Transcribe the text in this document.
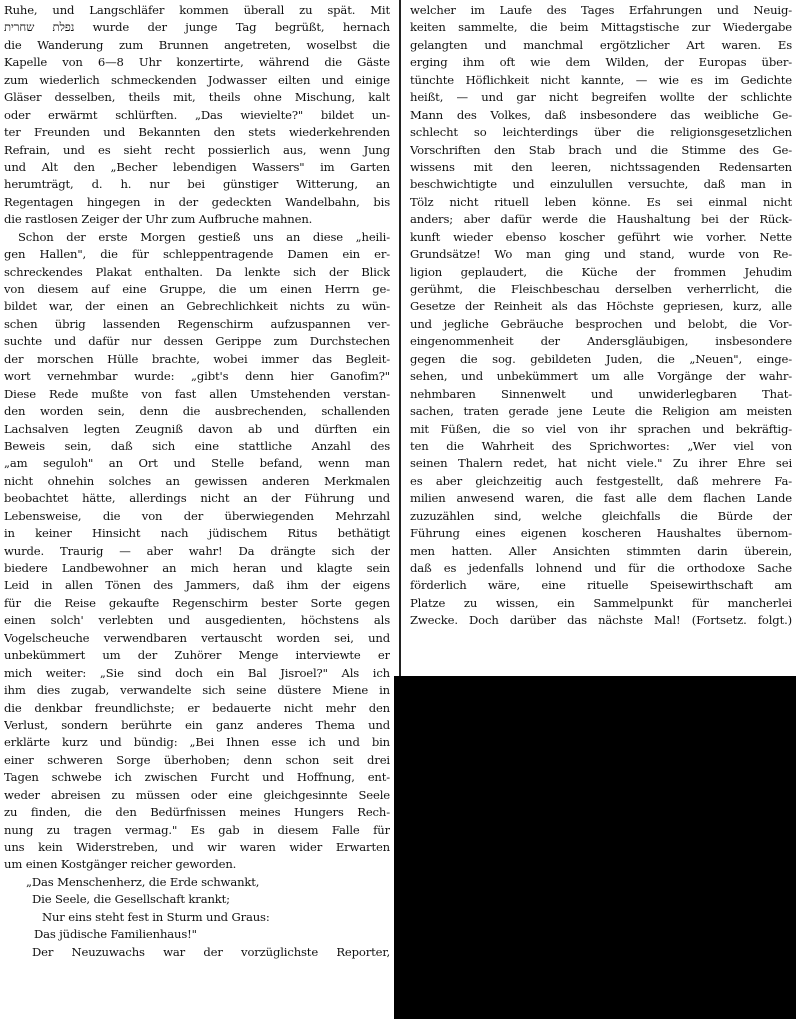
Ruhe, und Langschläfer kommen überall zu spät. Mit
נפלת שחרית wurde der junge Tag begrüßt, hernach
die Wanderung zum Brunnen angetreten, woselbst die
Kapelle von 6—8 Uhr konzertirte, während die Gäste
zum wiederlich schmeckenden Jodwasser eilten und einige
Gläser desselben, theils mit, theils ohne Mischung, kalt
oder erwärmt schlürften. „Das wievielte?" bildet un-
ter Freunden und Bekannten den stets wiederkehrenden
Refrain, und es sieht recht possierlich aus, wenn Jung
und Alt den „Becher lebendigen Wassers" im Garten
herumträgt, d. h. nur bei günstiger Witterung, an
Regentagen hingegen in der gedeckten Wandelbahn, bis
die rastlosen Zeiger der Uhr zum Aufbruche mahnen.
Schon der erste Morgen gestieß uns an diese „heili-
gen Hallen", die für schleppentragende Damen ein er-
schreckendes Plakat enthalten. Da lenkte sich der Blick
von diesem auf eine Gruppe, die um einen Herrn ge-
bildet war, der einen an Gebrechlichkeit nichts zu wün-
schen übrig lassenden Regenschirm aufzuspannen ver-
suchte und dafür nur dessen Gerippe zum Durchstechen
der morschen Hülle brachte, wobei immer das Begleit-
wort vernehmbar wurde: „gibt's denn hier Ganofim?"
Diese Rede mußte von fast allen Umstehenden verstan-
den worden sein, denn die ausbrechenden, schallenden
Lachsalven legten Zeugniß davon ab und dürften ein
Beweis sein, daß sich eine stattliche Anzahl des
„am seguloh" an Ort und Stelle befand, wenn man
nicht ohnehin solches an gewissen anderen Merkmalen
beobachtet hätte, allerdings nicht an der Führung und
Lebensweise, die von der überwiegenden Mehrzahl
in keiner Hinsicht nach jüdischem Ritus bethätigt
wurde. Traurig — aber wahr! Da drängte sich der
biedere Landbewohner an mich heran und klagte sein
Leid in allen Tönen des Jammers, daß ihm der eigens
für die Reise gekaufte Regenschirm bester Sorte gegen
einen solch' verlebten und ausgedienten, höchstens als
Vogelscheuche verwendbaren vertauscht worden sei, und
unbekümmert um der Zuhörer Menge interviewte er
mich weiter: „Sie sind doch ein Bal Jisroel?" Als ich
ihm dies zugab, verwandelte sich seine düstere Miene in
die denkbar freundlichste; er bedauerte nicht mehr den
Verlust, sondern berührte ein ganz anderes Thema und
erklärte kurz und bündig: „Bei Ihnen esse ich und bin
einer schweren Sorge überhoben; denn schon seit drei
Tagen schwebe ich zwischen Furcht und Hoffnung, ent-
weder abreisen zu müssen oder eine gleichgesinnte Seele
zu finden, die den Bedürfnissen meines Hungers Rech-
nung zu tragen vermag." Es gab in diesem Falle für
uns kein Widerstreben, und wir waren wider Erwarten
um einen Kostgänger reicher geworden.
„Das Menschenherz, die Erde schwankt,
Die Seele, die Gesellschaft krankt;
Nur eins steht fest in Sturm und Graus:
Das jüdische Familienhaus!"
Der Neuzuwachs war der vorzüglichste Reporter,
welcher im Laufe des Tages Erfahrungen und Neuig-
keiten sammelte, die beim Mittagstische zur Wiedergabe
gelangten und manchmal ergötzlicher Art waren. Es
erging ihm oft wie dem Wilden, der Europas über-
tünchte Höflichkeit nicht kannte, — wie es im Gedichte
heißt, — und gar nicht begreifen wollte der schlichte
Mann des Volkes, daß insbesondere das weibliche Ge-
schlecht so leichterdings über die religionsgesetzlichen
Vorschriften den Stab brach und die Stimme des Ge-
wissens mit den leeren, nichtssagenden Redensarten
beschwichtigte und einzulullen versuchte, daß man in
Tölz nicht rituell leben könne. Es sei einmal nicht
anders; aber dafür werde die Haushaltung bei der Rück-
kunft wieder ebenso koscher geführt wie vorher. Nette
Grundsätze! Wo man ging und stand, wurde von Re-
ligion geplaudert, die Küche der frommen Jehudim
gerühmt, die Fleischbeschau derselben verherrlicht, die
Gesetze der Reinheit als das Höchste gepriesen, kurz, alle
und jegliche Gebräuche besprochen und belobt, die Vor-
eingenommenheit der Andersgläubigen, insbesondere
gegen die sog. gebildeten Juden, die „Neuen", einge-
sehen, und unbekümmert um alle Vorgänge der wahr-
nehmbaren Sinnenwelt und unwiderlegbaren That-
sachen, traten gerade jene Leute die Religion am meisten
mit Füßen, die so viel von ihr sprachen und bekräftig-
ten die Wahrheit des Sprichwortes: „Wer viel von
seinen Thalern redet, hat nicht viele." Zu ihrer Ehre sei
es aber gleichzeitig auch festgestellt, daß mehrere Fa-
milien anwesend waren, die fast alle dem flachen Lande
zuzuzählen sind, welche gleichfalls die Bürde der
Führung eines eigenen koscheren Haushaltes übernom-
men hatten. Aller Ansichten stimmten darin überein,
daß es jedenfalls lohnend und für die orthodoxe Sache
förderlich wäre, eine rituelle Speisewirthschaft am
Platze zu wissen, ein Sammelpunkt für mancherlei
Zwecke. Doch darüber das nächste Mal! (Fortsetz. folgt.)
